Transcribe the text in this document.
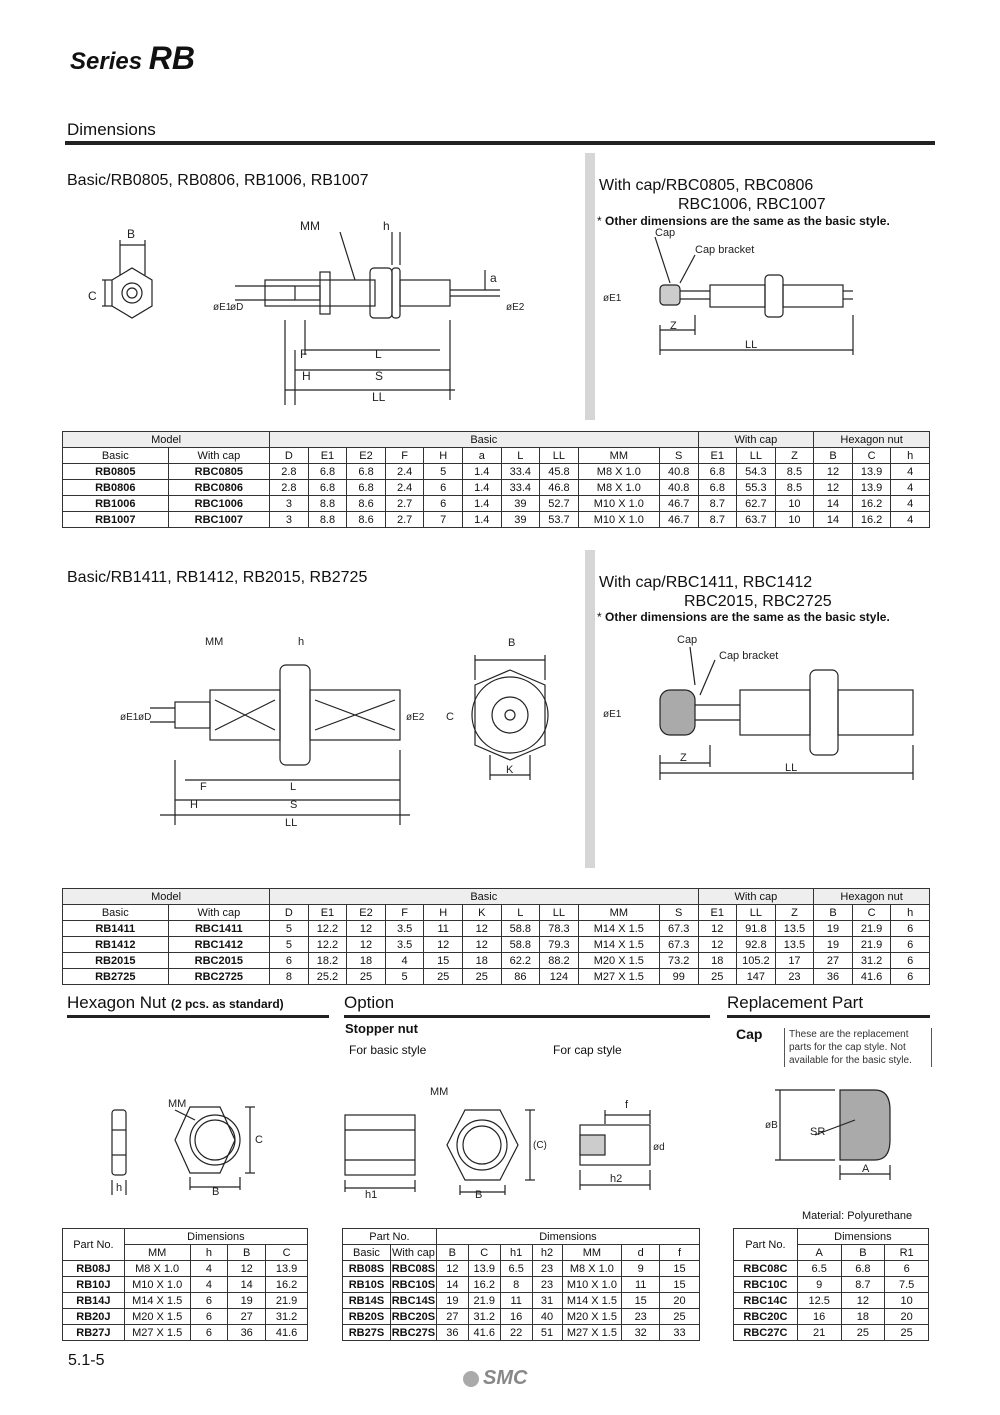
Series RB
Dimensions
Basic/RB0805, RB0806, RB1006, RB1007	With cap/RBC0805, RBC0806
RBC1006, RBC1007
* Other dimensions are the same as the basic style.
B
C
MM	h
a
øE1
øD	øE2
F	L
H	S
LL
Cap
Cap bracket
øE1
Z
LL
Model		Basic										With cap			Hexagon nut		
Basic	With cap	D	E1	E2	F	H	a	L	LL	MM	S	E1	LL	Z	B	C	h
RB0805	RBC0805	2.8	6.8	6.8	2.4	5	1.4	33.4	45.8	M8 X 1.0	40.8	6.8	54.3	8.5	12	13.9	4
RB0806	RBC0806	2.8	6.8	6.8	2.4	6	1.4	33.4	46.8	M8 X 1.0	40.8	6.8	55.3	8.5	12	13.9	4
RB1006	RBC1006	3	8.8	8.6	2.7	6	1.4	39	52.7	M10 X 1.0	46.7	8.7	62.7	10	14	16.2	4
RB1007	RBC1007	3	8.8	8.6	2.7	7	1.4	39	53.7	M10 X 1.0	46.7	8.7	63.7	10	14	16.2	4
Basic/RB1411, RB1412, RB2015, RB2725	With cap/RBC1411, RBC1412
RBC2015, RBC2725
* Other dimensions are the same as the basic style.
MM	h
øE1 øD	øE2
F	L
H	S
LL
B
C
K
Cap
Cap bracket
øE1
Z
LL
Model		Basic										With cap			Hexagon nut		
Basic	With cap	D	E1	E2	F	H	K	L	LL	MM	S	E1	LL	Z	B	C	h
RB1411	RBC1411	5	12.2	12	3.5	11	12	58.8	78.3	M14 X 1.5	67.3	12	91.8	13.5	19	21.9	6
RB1412	RBC1412	5	12.2	12	3.5	12	12	58.8	79.3	M14 X 1.5	67.3	12	92.8	13.5	19	21.9	6
RB2015	RBC2015	6	18.2	18	4	15	18	62.2	88.2	M20 X 1.5	73.2	18	105.2	17	27	31.2	6
RB2725	RBC2725	8	25.2	25	5	25	25	86	124	M27 X 1.5	99	25	147	23	36	41.6	6
Hexagon Nut (2 pcs. as standard)	Option
Stopper nut
For basic style	For cap style
Replacement Part
Cap	These are the replacement parts for the cap style. Not available for the basic style.
MM
C
h	B
MM
h1	B
(C)
f
ød
h2
øB
SR
A
Material: Polyurethane
Part No.	Dimensions			
	MM	h	B	C
RB08J	M8 X 1.0	4	12	13.9
RB10J	M10 X 1.0	4	14	16.2
RB14J	M14 X 1.5	6	19	21.9
RB20J	M20 X 1.5	6	27	31.2
RB27J	M27 X 1.5	6	36	41.6
Part No.		Dimensions						
Basic	With cap	B	C	h1	h2	MM	d	f
RB08S	RBC08S	12	13.9	6.5	23	M8 X 1.0	9	15
RB10S	RBC10S	14	16.2	8	23	M10 X 1.0	11	15
RB14S	RBC14S	19	21.9	11	31	M14 X 1.5	15	20
RB20S	RBC20S	27	31.2	16	40	M20 X 1.5	23	25
RB27S	RBC27S	36	41.6	22	51	M27 X 1.5	32	33
Part No.	Dimensions		
	A	B	R1
RBC08C	6.5	6.8	6
RBC10C	9	8.7	7.5
RBC14C	12.5	12	10
RBC20C	16	18	20
RBC27C	21	25	25
5.1-5
SMC
